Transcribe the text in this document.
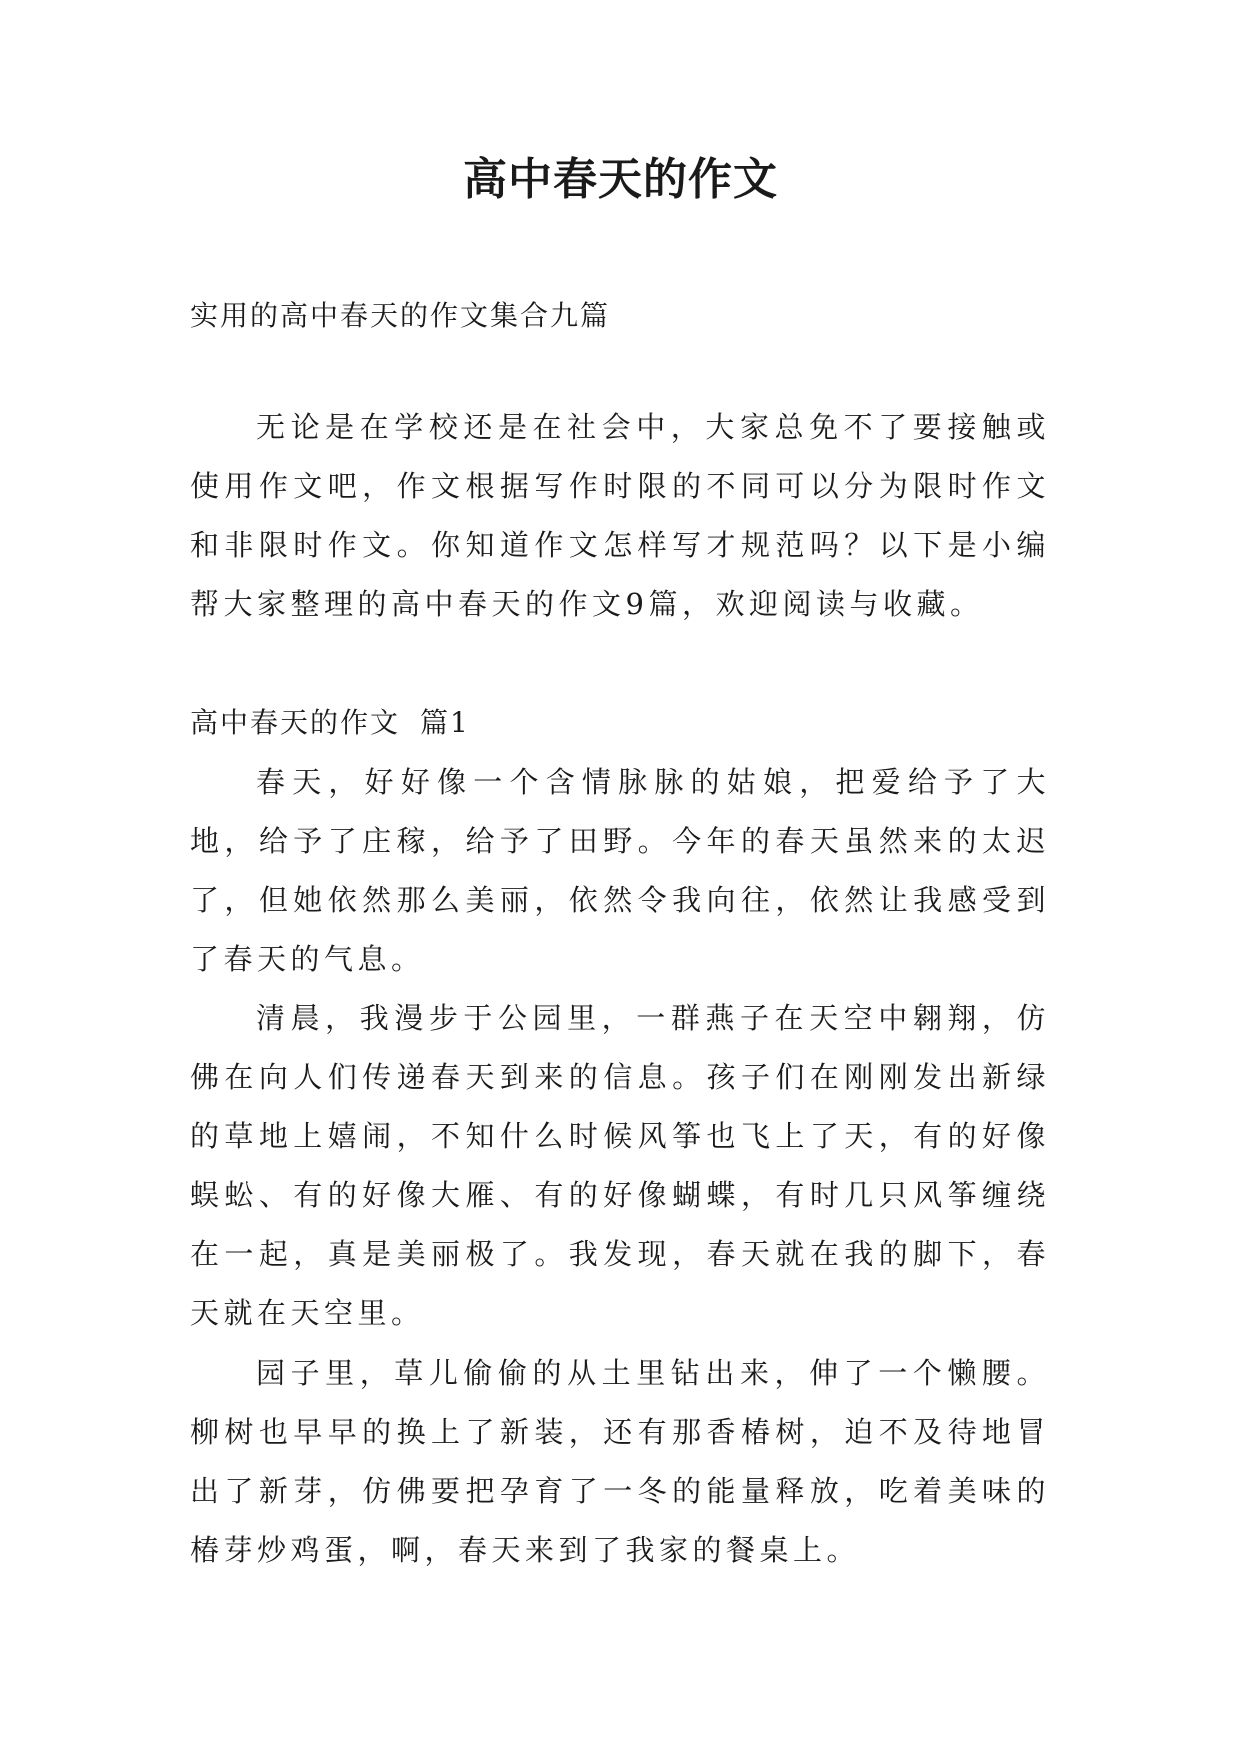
高中春天的作文

实用的高中春天的作文集合九篇

无论是在学校还是在社会中，大家总免不了要接触或使用作文吧，作文根据写作时限的不同可以分为限时作文和非限时作文。你知道作文怎样写才规范吗？以下是小编帮大家整理的高中春天的作文9篇，欢迎阅读与收藏。

高中春天的作文 篇1

春天，好好像一个含情脉脉的姑娘，把爱给予了大地，给予了庄稼，给予了田野。今年的春天虽然来的太迟了，但她依然那么美丽，依然令我向往，依然让我感受到了春天的气息。

清晨，我漫步于公园里，一群燕子在天空中翱翔，仿佛在向人们传递春天到来的信息。孩子们在刚刚发出新绿的草地上嬉闹，不知什么时候风筝也飞上了天，有的好像蜈蚣、有的好像大雁、有的好像蝴蝶，有时几只风筝缠绕在一起，真是美丽极了。我发现，春天就在我的脚下，春天就在天空里。

园子里，草儿偷偷的从土里钻出来，伸了一个懒腰。柳树也早早的换上了新装，还有那香椿树，迫不及待地冒出了新芽，仿佛要把孕育了一冬的能量释放，吃着美味的椿芽炒鸡蛋，啊，春天来到了我家的餐桌上。
